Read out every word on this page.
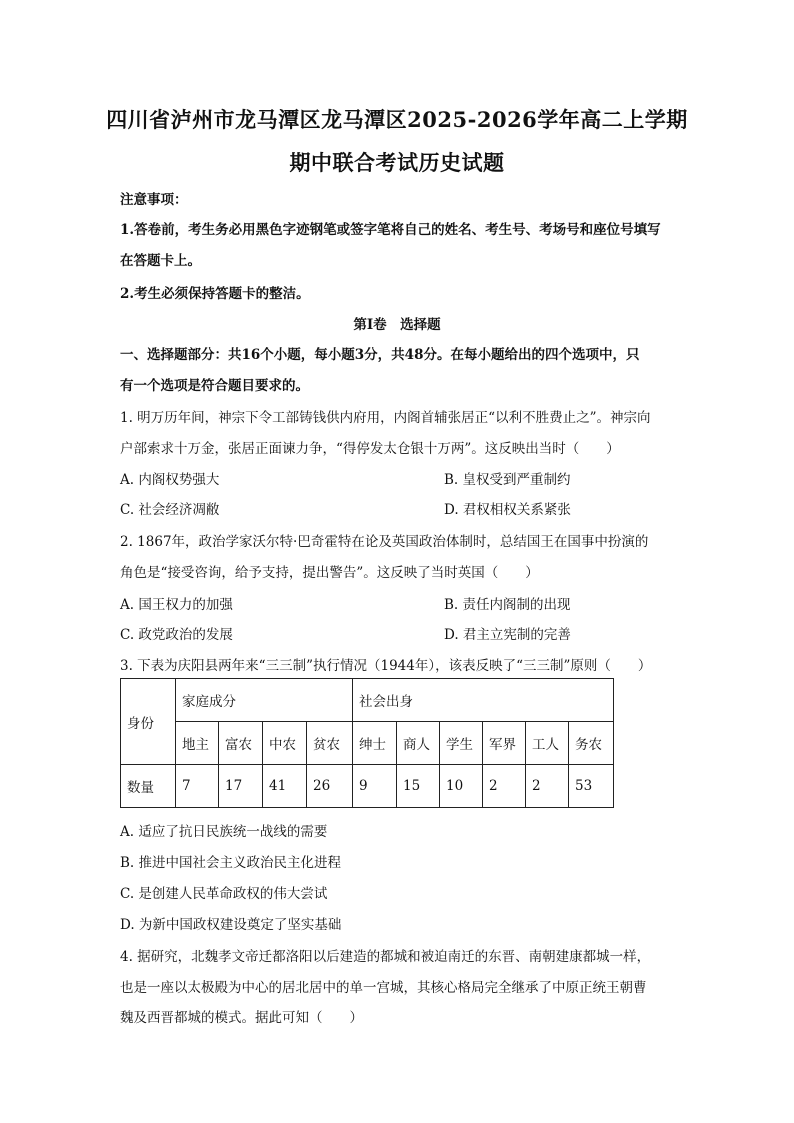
四川省泸州市龙马潭区龙马潭区2025-2026学年高二上学期
期中联合考试历史试题
注意事项：
1.答卷前，考生务必用黑色字迹钢笔或签字笔将自己的姓名、考生号、考场号和座位号填写
在答题卡上。
2.考生必须保持答题卡的整洁。
第Ⅰ卷　选择题
一、选择题部分：共16个小题，每小题3分，共48分。在每小题给出的四个选项中，只
有一个选项是符合题目要求的。
1. 明万历年间，神宗下令工部铸钱供内府用，内阁首辅张居正“以利不胜费止之”。神宗向
户部索求十万金，张居正面谏力争，“得停发太仓银十万两”。这反映出当时（　　）
A. 内阁权势强大	B. 皇权受到严重制约
C. 社会经济凋敝	D. 君权相权关系紧张
2. 1867年，政治学家沃尔特·巴奇霍特在论及英国政治体制时，总结国王在国事中扮演的
角色是“接受咨询，给予支持，提出警告”。这反映了当时英国（　　）
A. 国王权力的加强	B. 责任内阁制的出现
C. 政党政治的发展	D. 君主立宪制的完善
3. 下表为庆阳县两年来“三三制”执行情况（1944年），该表反映了“三三制”原则（　　）
身份	家庭成分				社会出身					
	地主	富农	中农	贫农	绅士	商人	学生	军界	工人	务农
数量	7	17	41	26	9	15	10	2	2	53
A. 适应了抗日民族统一战线的需要
B. 推进中国社会主义政治民主化进程
C. 是创建人民革命政权的伟大尝试
D. 为新中国政权建设奠定了坚实基础
4. 据研究，北魏孝文帝迁都洛阳以后建造的都城和被迫南迁的东晋、南朝建康都城一样，
也是一座以太极殿为中心的居北居中的单一宫城，其核心格局完全继承了中原正统王朝曹
魏及西晋都城的模式。据此可知（　　）
